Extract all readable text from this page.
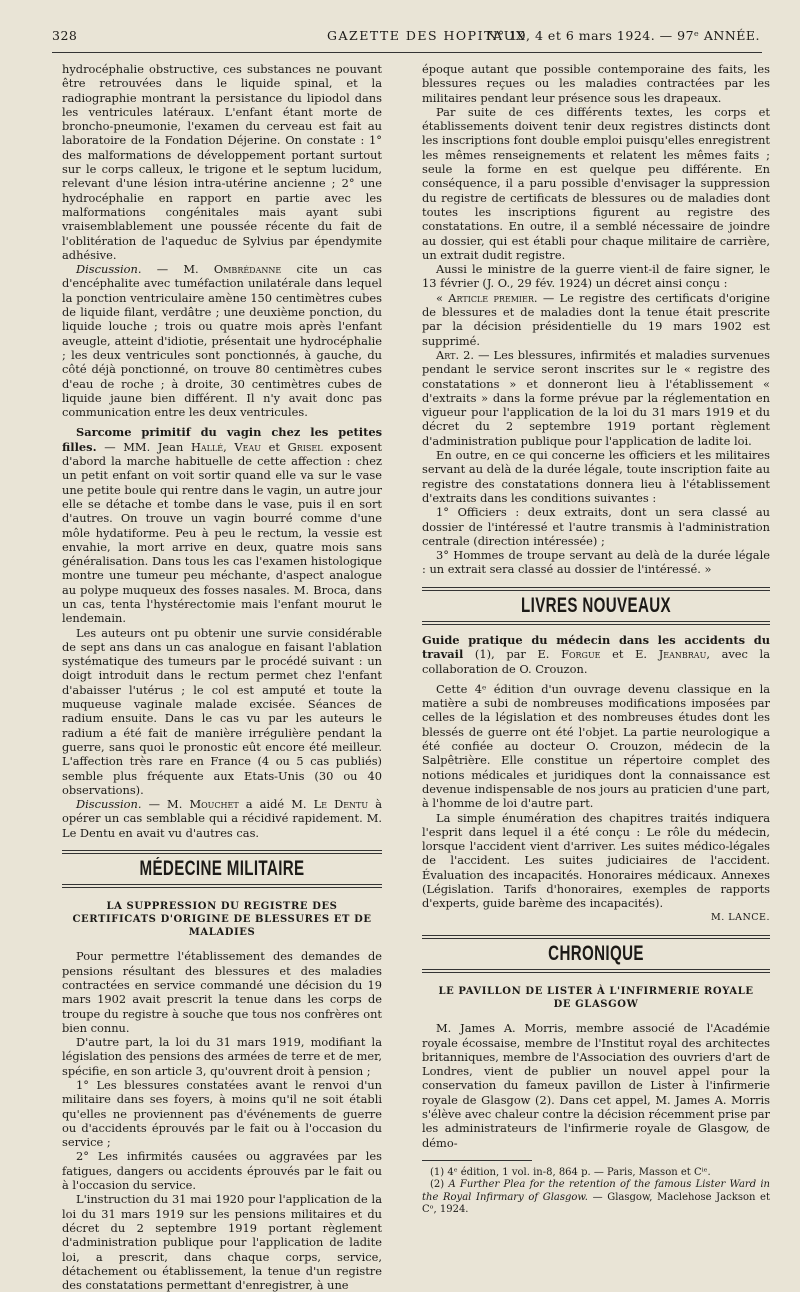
328	GAZETTE DES HOPITAUX
N° 19, 4 et 6 mars 1924. — 97ᵉ ANNÉE.

hydrocéphalie obstructive, ces substances ne pouvant être retrouvées dans le liquide spinal, et la radiographie montrant la persistance du lipiodol dans les ventricules latéraux. L'enfant étant morte de broncho-pneumonie, l'examen du cerveau est fait au laboratoire de la Fondation Déjerine. On constate : 1° des malformations de développement portant surtout sur le corps calleux, le trigone et le septum lucidum, relevant d'une lésion intra-utérine ancienne ; 2° une hydrocéphalie en rapport en partie avec les malformations congénitales mais ayant subi vraisemblablement une poussée récente du fait de l'oblitération de l'aqueduc de Sylvius par épendymite adhésive.

Discussion. — M. Ombrédanne cite un cas d'encéphalite avec tuméfaction unilatérale dans lequel la ponction ventriculaire amène 150 centimètres cubes de liquide filant, verdâtre ; une deuxième ponction, du liquide louche ; trois ou quatre mois après l'enfant aveugle, atteint d'idiotie, présentait une hydrocéphalie ; les deux ventricules sont ponctionnés, à gauche, du côté déjà ponctionné, on trouve 80 centimètres cubes d'eau de roche ; à droite, 30 centimètres cubes de liquide jaune bien différent. Il n'y avait donc pas communication entre les deux ventricules.

Sarcome primitif du vagin chez les petites filles. — MM. Jean Hallé, Veau et Grisel exposent d'abord la marche habituelle de cette affection : chez un petit enfant on voit sortir quand elle va sur le vase une petite boule qui rentre dans le vagin, un autre jour elle se détache et tombe dans le vase, puis il en sort d'autres. On trouve un vagin bourré comme d'une môle hydatiforme. Peu à peu le rectum, la vessie est envahie, la mort arrive en deux, quatre mois sans généralisation. Dans tous les cas l'examen histologique montre une tumeur peu méchante, d'aspect analogue au polype muqueux des fosses nasales. M. Broca, dans un cas, tenta l'hystérectomie mais l'enfant mourut le lendemain.

Les auteurs ont pu obtenir une survie considérable de sept ans dans un cas analogue en faisant l'ablation systématique des tumeurs par le procédé suivant : un doigt introduit dans le rectum permet chez l'enfant d'abaisser l'utérus ; le col est amputé et toute la muqueuse vaginale malade excisée. Séances de radium ensuite. Dans le cas vu par les auteurs le radium a été fait de manière irrégulière pendant la guerre, sans quoi le pronostic eût encore été meilleur. L'affection très rare en France (4 ou 5 cas publiés) semble plus fréquente aux Etats-Unis (30 ou 40 observations).

Discussion. — M. Mouchet a aidé M. Le Dentu à opérer un cas semblable qui a récidivé rapidement. M. Le Dentu en avait vu d'autres cas.

MÉDECINE MILITAIRE
LA SUPPRESSION DU REGISTRE DES CERTIFICATS D'ORIGINE DE BLESSURES ET DE MALADIES

Pour permettre l'établissement des demandes de pensions résultant des blessures et des maladies contractées en service commandé une décision du 19 mars 1902 avait prescrit la tenue dans les corps de troupe du registre à souche que tous nos confrères ont bien connu.

D'autre part, la loi du 31 mars 1919, modifiant la législation des pensions des armées de terre et de mer, spécifie, en son article 3, qu'ouvrent droit à pension ;

1° Les blessures constatées avant le renvoi d'un militaire dans ses foyers, à moins qu'il ne soit établi qu'elles ne proviennent pas d'événements de guerre ou d'accidents éprouvés par le fait ou à l'occasion du service ;

2° Les infirmités causées ou aggravées par les fatigues, dangers ou accidents éprouvés par le fait ou à l'occasion du service.

L'instruction du 31 mai 1920 pour l'application de la loi du 31 mars 1919 sur les pensions militaires et du décret du 2 septembre 1919 portant règlement d'administration publique pour l'application de ladite loi, a prescrit, dans chaque corps, service, détachement ou établissement, la tenue d'un registre des constatations permettant d'enregistrer, à une

époque autant que possible contemporaine des faits, les blessures reçues ou les maladies contractées par les militaires pendant leur présence sous les drapeaux.

Par suite de ces différents textes, les corps et établissements doivent tenir deux registres distincts dont les inscriptions font double emploi puisqu'elles enregistrent les mêmes renseignements et relatent les mêmes faits ; seule la forme en est quelque peu différente. En conséquence, il a paru possible d'envisager la suppression du registre de certificats de blessures ou de maladies dont toutes les inscriptions figurent au registre des constatations. En outre, il a semblé nécessaire de joindre au dossier, qui est établi pour chaque militaire de carrière, un extrait dudit registre.

Aussi le ministre de la guerre vient-il de faire signer, le 13 février (J. O., 29 fév. 1924) un décret ainsi conçu :

« Article premier. — Le registre des certificats d'origine de blessures et de maladies dont la tenue était prescrite par la décision présidentielle du 19 mars 1902 est supprimé.

Art. 2. — Les blessures, infirmités et maladies survenues pendant le service seront inscrites sur le « registre des constatations » et donneront lieu à l'établissement « d'extraits » dans la forme prévue par la réglementation en vigueur pour l'application de la loi du 31 mars 1919 et du décret du 2 septembre 1919 portant règlement d'administration publique pour l'application de ladite loi.

En outre, en ce qui concerne les officiers et les militaires servant au delà de la durée légale, toute inscription faite au registre des constatations donnera lieu à l'établissement d'extraits dans les conditions suivantes :

1° Officiers : deux extraits, dont un sera classé au dossier de l'intéressé et l'autre transmis à l'administration centrale (direction intéressée) ;

3° Hommes de troupe servant au delà de la durée légale : un extrait sera classé au dossier de l'intéressé. »

LIVRES NOUVEAUX

Guide pratique du médecin dans les accidents du travail (1), par E. Forgue et E. Jeanbrau, avec la collaboration de O. Crouzon.

Cette 4ᵉ édition d'un ouvrage devenu classique en la matière a subi de nombreuses modifications imposées par celles de la législation et des nombreuses études dont les blessés de guerre ont été l'objet. La partie neurologique a été confiée au docteur O. Crouzon, médecin de la Salpêtrière. Elle constitue un répertoire complet des notions médicales et juridiques dont la connaissance est devenue indispensable de nos jours au praticien d'une part, à l'homme de loi d'autre part.

La simple énumération des chapitres traités indiquera l'esprit dans lequel il a été conçu : Le rôle du médecin, lorsque l'accident vient d'arriver. Les suites médico-légales de l'accident. Les suites judiciaires de l'accident. Évaluation des incapacités. Honoraires médicaux. Annexes (Législation. Tarifs d'honoraires, exemples de rapports d'experts, guide barème des incapacités).

M. LANCE.
CHRONIQUE
LE PAVILLON DE LISTER À L'INFIRMERIE ROYALE DE GLASGOW

M. James A. Morris, membre associé de l'Académie royale écossaise, membre de l'Institut royal des architectes britanniques, membre de l'Association des ouvriers d'art de Londres, vient de publier un nouvel appel pour la conservation du fameux pavillon de Lister à l'infirmerie royale de Glasgow (2). Dans cet appel, M. James A. Morris s'élève avec chaleur contre la décision récemment prise par les administrateurs de l'infirmerie royale de Glasgow, de démo-

(1) 4ᵉ édition, 1 vol. in-8, 864 p. — Paris, Masson et Cⁱᵉ.

(2) A Further Plea for the retention of the famous Lister Ward in the Royal Infirmary of Glasgow. — Glasgow, Maclehose Jackson et Cᵒ, 1924.
